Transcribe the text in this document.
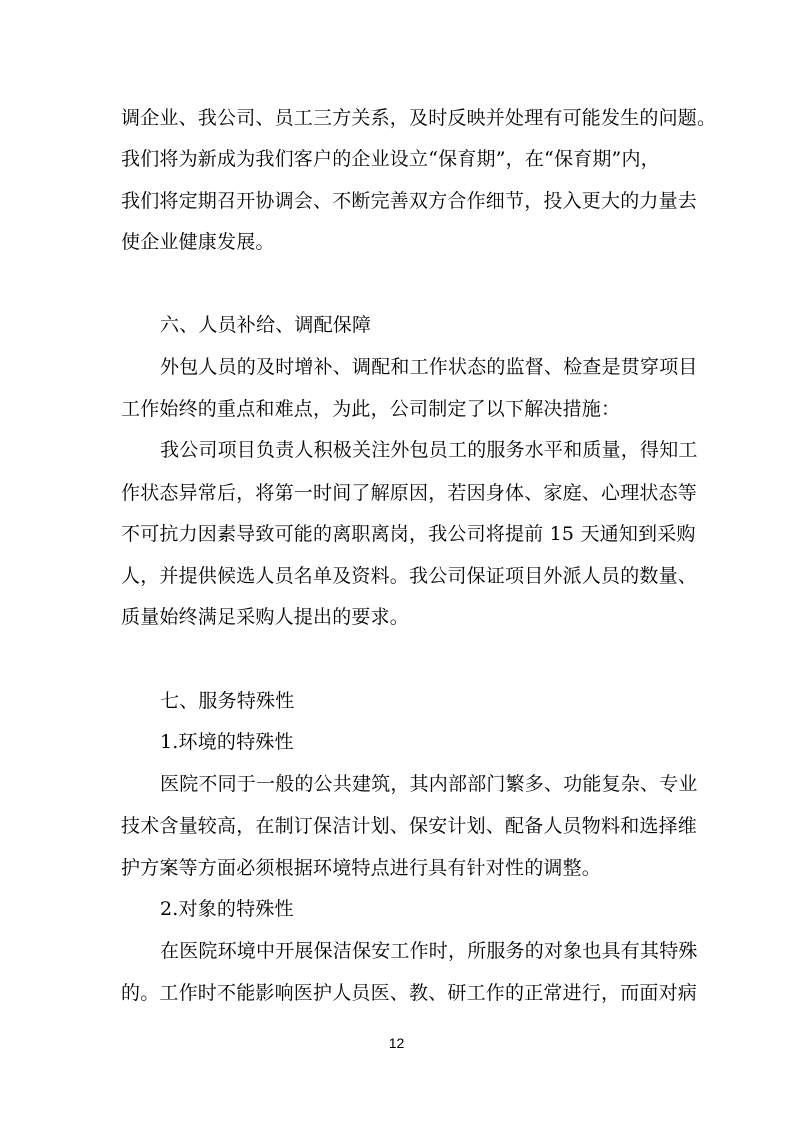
调企业、我公司、员工三方关系，及时反映并处理有可能发生的问题。
我们将为新成为我们客户的企业设立“保育期”，在“保育期”内，
我们将定期召开协调会、不断完善双方合作细节，投入更大的力量去
使企业健康发展。
六、人员补给、调配保障
外包人员的及时增补、调配和工作状态的监督、检查是贯穿项目
工作始终的重点和难点，为此，公司制定了以下解决措施：
我公司项目负责人积极关注外包员工的服务水平和质量，得知工
作状态异常后，将第一时间了解原因，若因身体、家庭、心理状态等
不可抗力因素导致可能的离职离岗，我公司将提前 15 天通知到采购
人，并提供候选人员名单及资料。我公司保证项目外派人员的数量、
质量始终满足采购人提出的要求。
七、服务特殊性
1.环境的特殊性
医院不同于一般的公共建筑，其内部部门繁多、功能复杂、专业
技术含量较高，在制订保洁计划、保安计划、配备人员物料和选择维
护方案等方面必须根据环境特点进行具有针对性的调整。
2.对象的特殊性
在医院环境中开展保洁保安工作时，所服务的对象也具有其特殊
的。工作时不能影响医护人员医、教、研工作的正常进行，而面对病
12
